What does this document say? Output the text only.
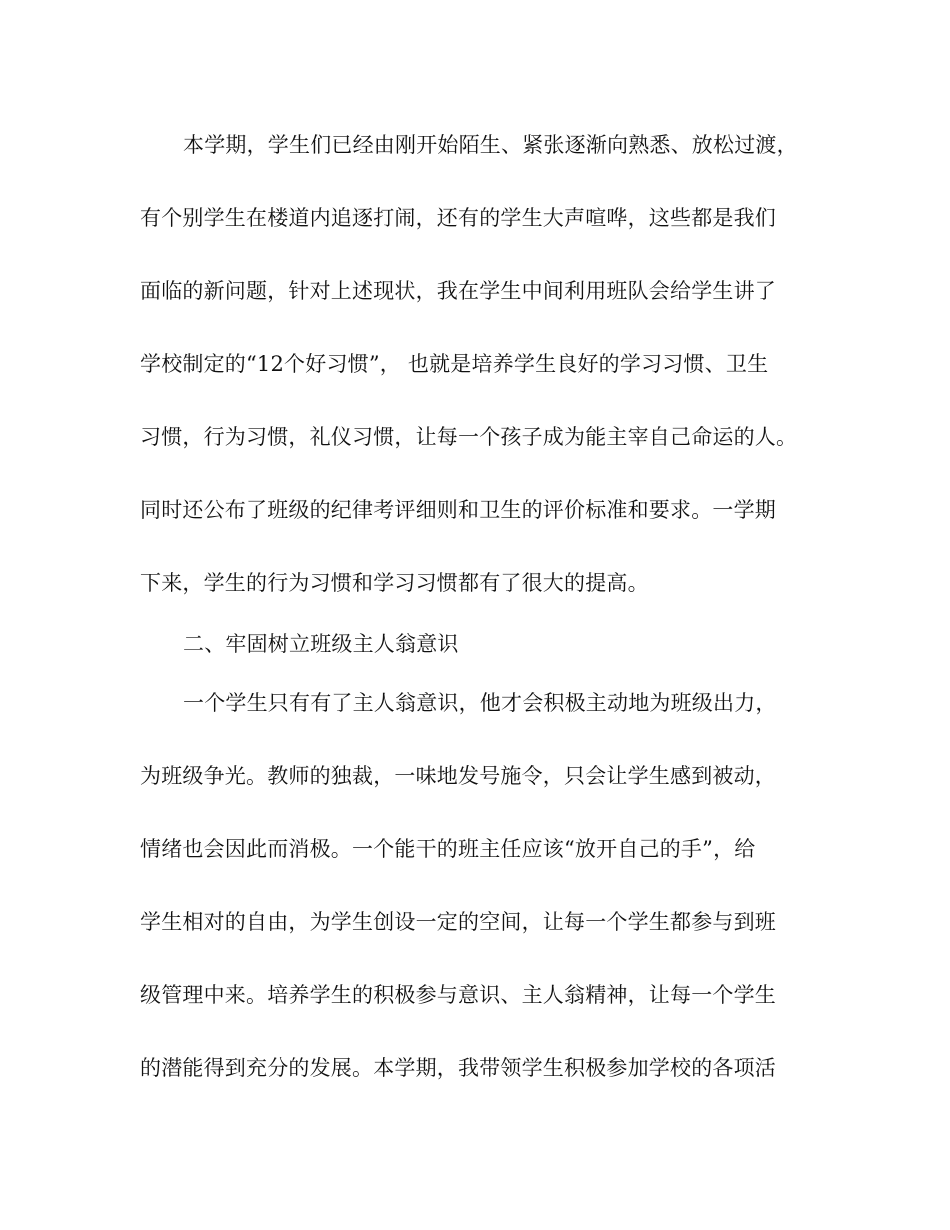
本学期，学生们已经由刚开始陌生、紧张逐渐向熟悉、放松过渡，
有个别学生在楼道内追逐打闹，还有的学生大声喧哗，这些都是我们
面临的新问题，针对上述现状，我在学生中间利用班队会给学生讲了
学校制定的“12个好习惯”， 也就是培养学生良好的学习习惯、卫生
习惯，行为习惯，礼仪习惯，让每一个孩子成为能主宰自己命运的人。
同时还公布了班级的纪律考评细则和卫生的评价标准和要求。一学期
下来，学生的行为习惯和学习习惯都有了很大的提高。
二、牢固树立班级主人翁意识
一个学生只有有了主人翁意识，他才会积极主动地为班级出力，
为班级争光。教师的独裁，一味地发号施令，只会让学生感到被动，
情绪也会因此而消极。一个能干的班主任应该“放开自己的手”，给
学生相对的自由，为学生创设一定的空间，让每一个学生都参与到班
级管理中来。培养学生的积极参与意识、主人翁精神，让每一个学生
的潜能得到充分的发展。本学期，我带领学生积极参加学校的各项活
